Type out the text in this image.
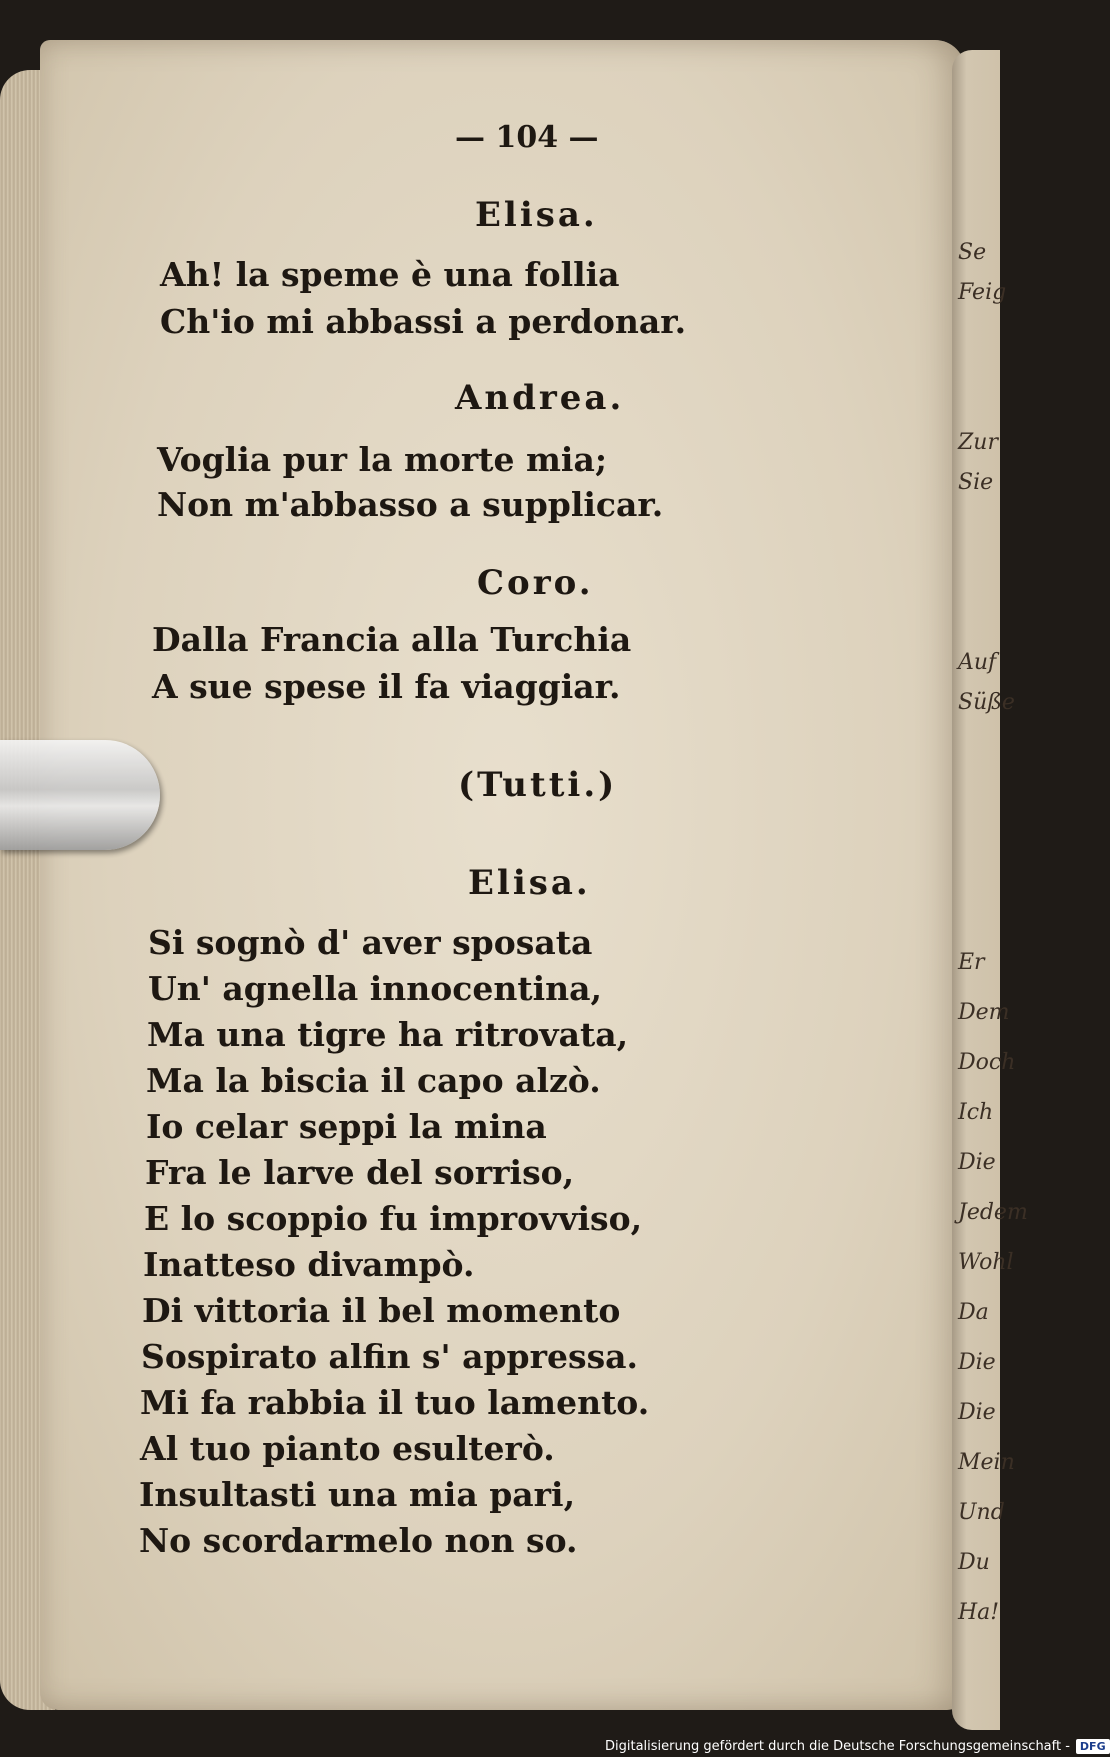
Se
Feig
Zur
Sie
Auf
Süße
Er
Dem
Doch
Ich
Die
Jedem
Wohl
Da
Die
Die
Mein
Und
Du
Ha!
— 104 —
Elisa.
Ah! la speme è una follia
Ch'io mi abbassi a perdonar.
Andrea.
Voglia pur la morte mia;
Non m'abbasso a supplicar.
Coro.
Dalla Francia alla Turchia
A sue spese il fa viaggiar.
(Tutti.)
Elisa.
Si sognò d' aver sposata
Un' agnella innocentina,
Ma una tigre ha ritrovata,
Ma la biscia il capo alzò.
Io celar seppi la mina
Fra le larve del sorriso,
E lo scoppio fu improvviso,
Inatteso divampò.
Di vittoria il bel momento
Sospirato alfin s' appressa.
Mi fa rabbia il tuo lamento.
Al tuo pianto esulterò.
Insultasti una mia pari,
No scordarmelo non so.
Digitalisierung gefördert durch die Deutsche Forschungsgemeinschaft - DFG
